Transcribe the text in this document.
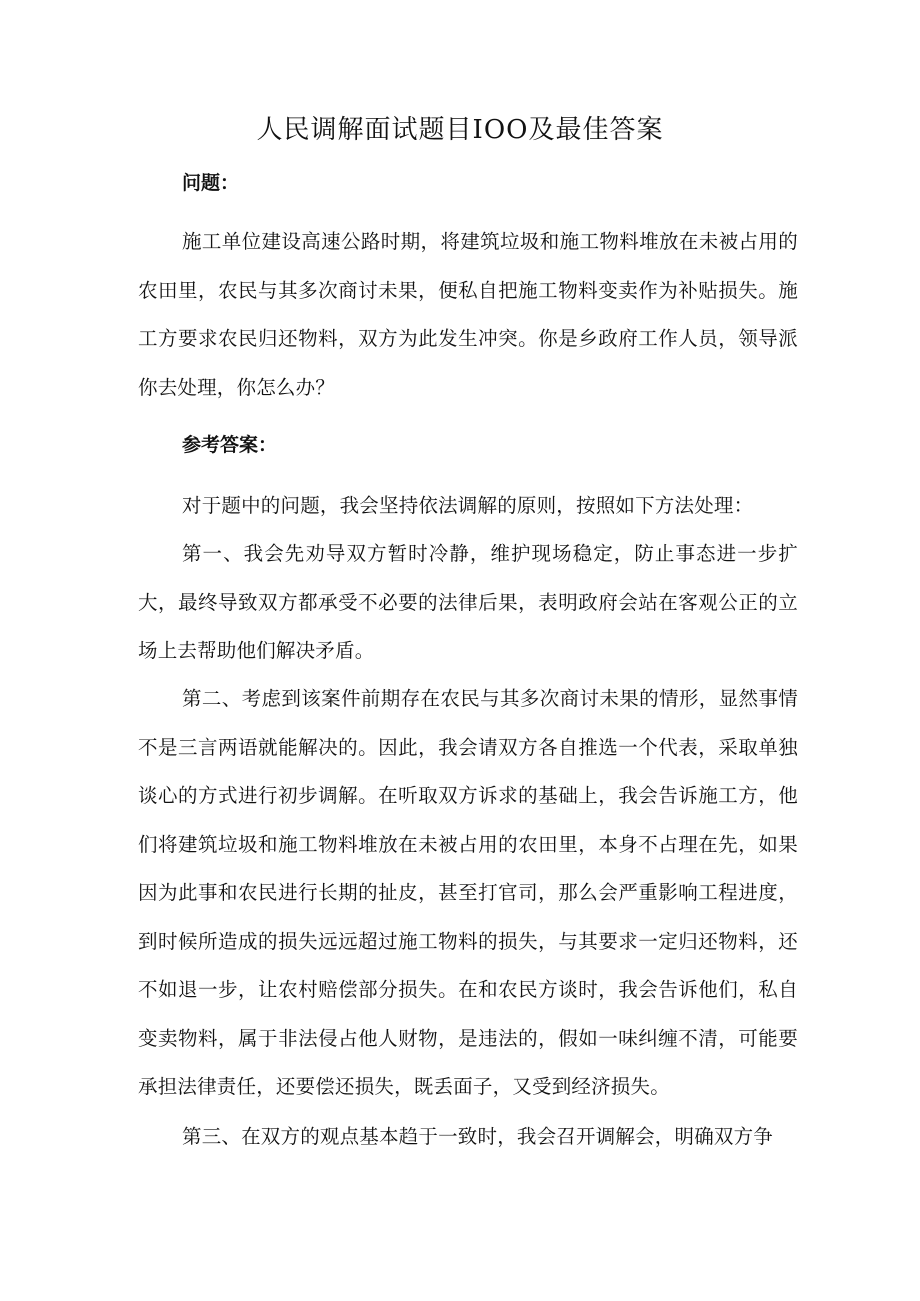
人民调解面试题目IOO及最佳答案
问题：
施工单位建设高速公路时期，将建筑垃圾和施工物料堆放在未被占用的农田里，农民与其多次商讨未果，便私自把施工物料变卖作为补贴损失。施工方要求农民归还物料，双方为此发生冲突。你是乡政府工作人员，领导派你去处理，你怎么办？
参考答案：
对于题中的问题，我会坚持依法调解的原则，按照如下方法处理：
第一、我会先劝导双方暂时冷静，维护现场稳定，防止事态进一步扩大，最终导致双方都承受不必要的法律后果，表明政府会站在客观公正的立场上去帮助他们解决矛盾。
第二、考虑到该案件前期存在农民与其多次商讨未果的情形，显然事情不是三言两语就能解决的。因此，我会请双方各自推选一个代表，采取单独谈心的方式进行初步调解。在听取双方诉求的基础上，我会告诉施工方，他们将建筑垃圾和施工物料堆放在未被占用的农田里，本身不占理在先，如果因为此事和农民进行长期的扯皮，甚至打官司，那么会严重影响工程进度，到时候所造成的损失远远超过施工物料的损失，与其要求一定归还物料，还不如退一步，让农村赔偿部分损失。在和农民方谈时，我会告诉他们，私自变卖物料，属于非法侵占他人财物，是违法的，假如一味纠缠不清，可能要承担法律责任，还要偿还损失，既丢面子，又受到经济损失。
第三、在双方的观点基本趋于一致时，我会召开调解会，明确双方争
